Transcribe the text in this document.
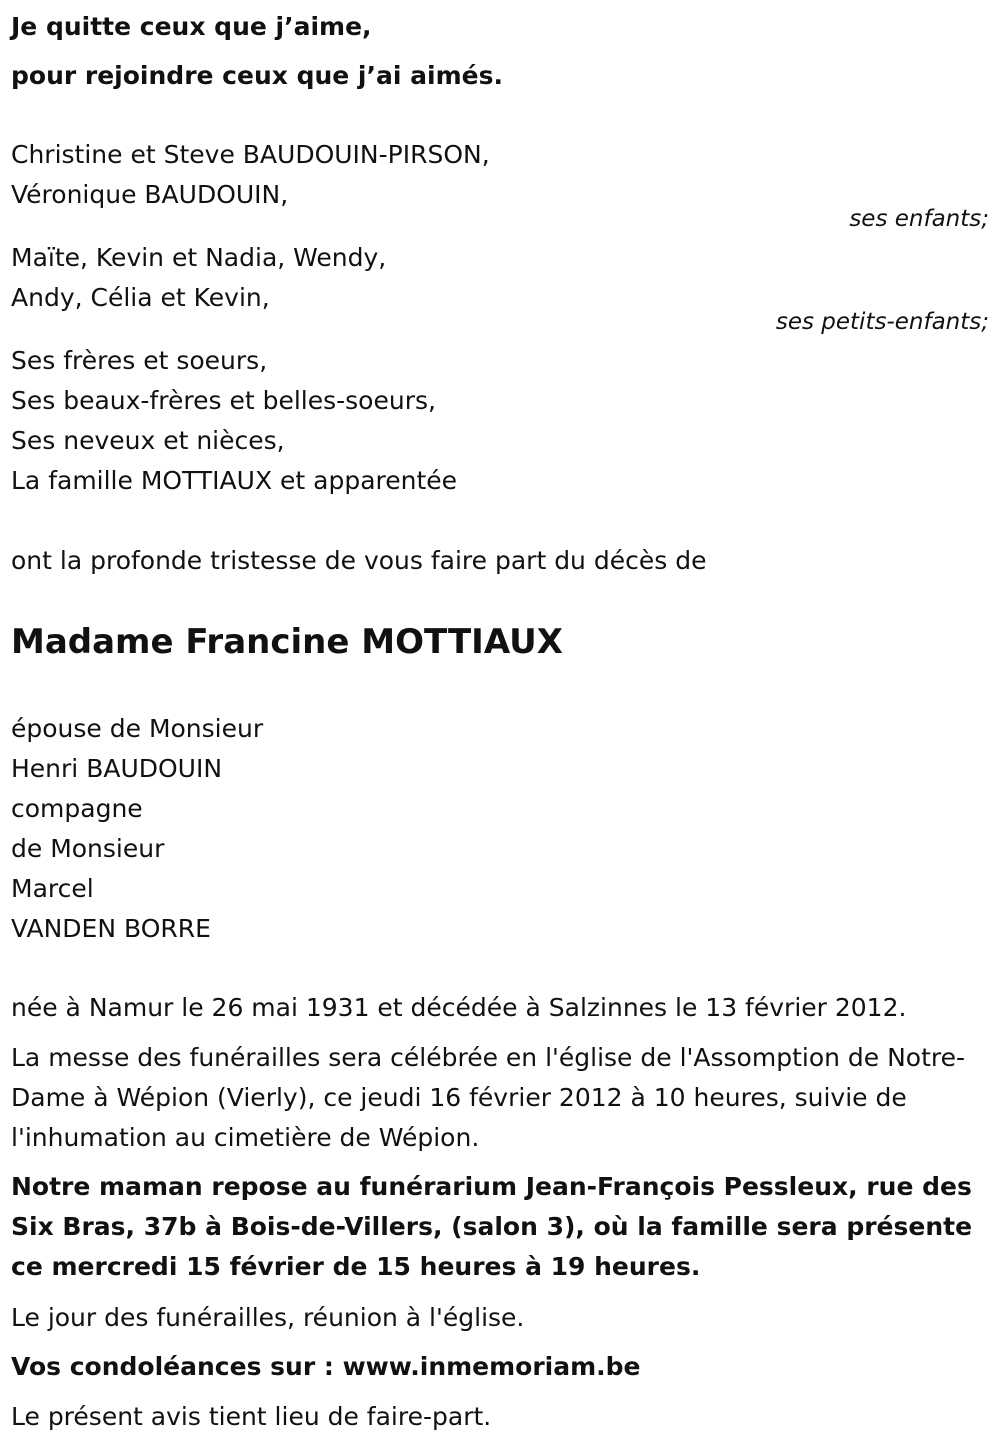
Je quitte ceux que j’aime,
pour rejoindre ceux que j’ai aimés.
Christine et Steve BAUDOUIN-PIRSON,
Véronique BAUDOUIN,
ses enfants;
Maïte, Kevin et Nadia, Wendy,
Andy, Célia et Kevin,
ses petits-enfants;
Ses frères et soeurs,
Ses beaux-frères et belles-soeurs,
Ses neveux et nièces,
La famille MOTTIAUX et apparentée
ont la profonde tristesse de vous faire part du décès de
Madame Francine MOTTIAUX
épouse de Monsieur
Henri BAUDOUIN
compagne
de Monsieur
Marcel
VANDEN BORRE
née à Namur le 26 mai 1931 et décédée à Salzinnes le 13 février 2012.
La messe des funérailles sera célébrée en l'église de l'Assomption de Notre-Dame à Wépion (Vierly), ce jeudi 16 février 2012 à 10 heures, suivie de l'inhumation au cimetière de Wépion.
Notre maman repose au funérarium Jean-François Pessleux, rue des Six Bras, 37b à Bois-de-Villers, (salon 3), où la famille sera présente ce mercredi 15 février de 15 heures à 19 heures.
Le jour des funérailles, réunion à l'église.
Vos condoléances sur : www.inmemoriam.be
Le présent avis tient lieu de faire-part.
